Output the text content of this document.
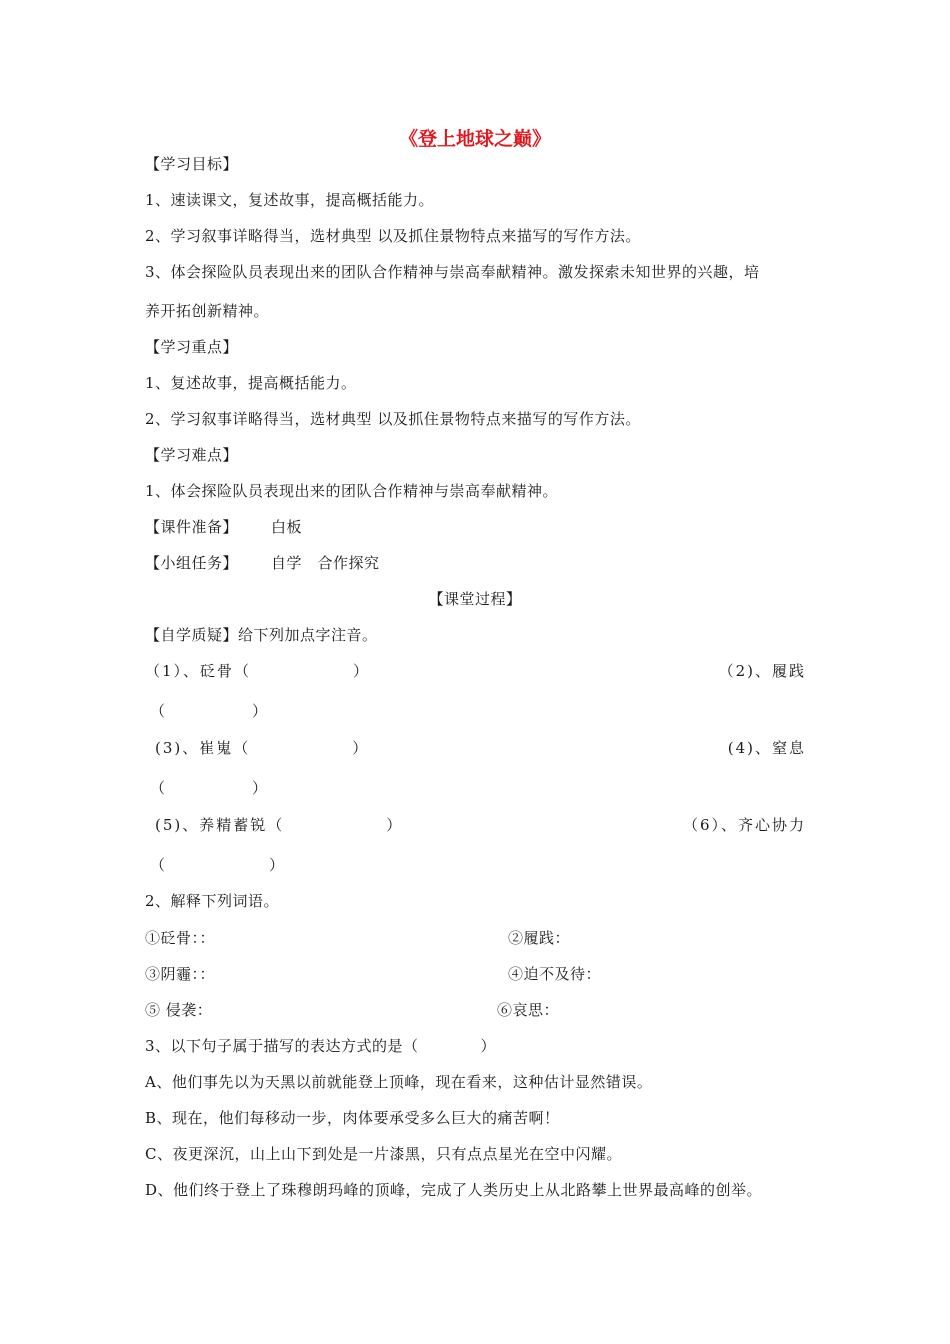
《登上地球之巅》
【学习目标】
1、速读课文，复述故事，提高概括能力。
2、学习叙事详略得当，选材典型 以及抓住景物特点来描写的写作方法。
3、体会探险队员表现出来的团队合作精神与崇高奉献精神。激发探索未知世界的兴趣，培
养开拓创新精神。
【学习重点】
1、复述故事，提高概括能力。
2、学习叙事详略得当，选材典型 以及抓住景物特点来描写的写作方法。
【学习难点】
1、体会探险队员表现出来的团队合作精神与崇高奉献精神。
【课件准备】 白板
【小组任务】 自学　合作探究
【课堂过程】
【自学质疑】给下列加点字注音。
（1）、砭骨（　　　　　　）	（2)、履践
（　　　　　）
(3)、崔嵬（　　　　　　）	(4)、窒息
（　　　　　）
(5)、养精蓄锐（　　　　　　）	（6）、齐心协力
（　　　　　　）
2、解释下列词语。
①砭骨：：	②履践：
③阴霾：：	④迫不及待：
⑤ 侵袭：	⑥哀思：
3、以下句子属于描写的表达方式的是（　　　　）
A、他们事先以为天黑以前就能登上顶峰，现在看来，这种估计显然错误。
B、现在，他们每移动一步，肉体要承受多么巨大的痛苦啊！
C、夜更深沉，山上山下到处是一片漆黑，只有点点星光在空中闪耀。
D、他们终于登上了珠穆朗玛峰的顶峰，完成了人类历史上从北路攀上世界最高峰的创举。
